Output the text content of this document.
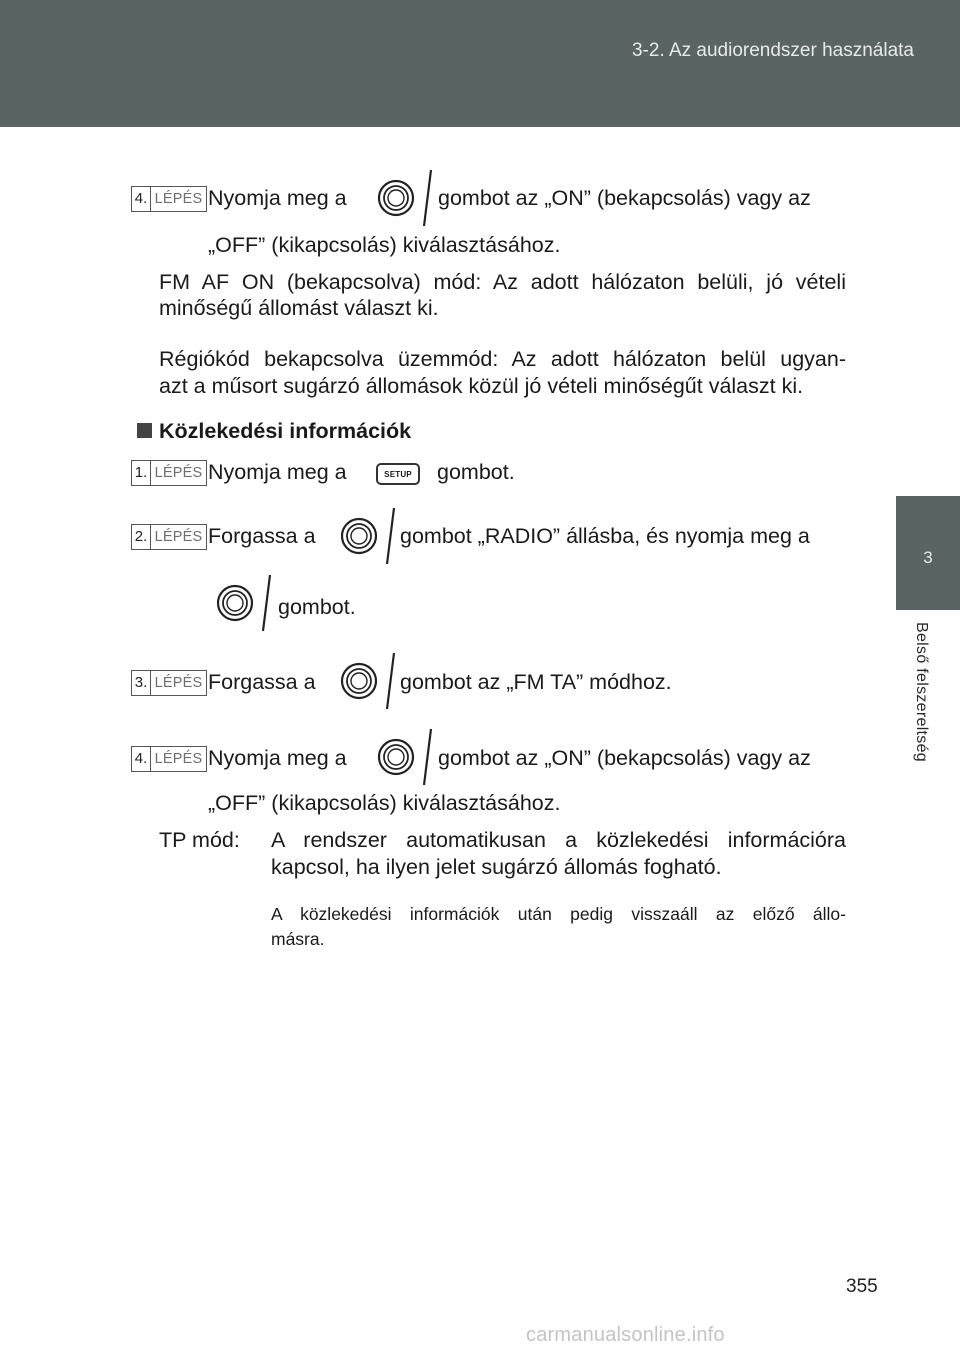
3-2. Az audiorendszer használata
3
Belső felszereltség
4. LÉPÉS Nyomja meg a	gombot az „ON” (bekapcsolás) vagy az
„OFF” (kikapcsolás) kiválasztásához.
FM AF ON (bekapcsolva) mód: Az adott hálózaton belüli, jó vételi
minőségű állomást választ ki.
Régiókód bekapcsolva üzemmód: Az adott hálózaton belül ugyan-
azt a műsort sugárzó állomások közül jó vételi minőségűt választ ki.
Közlekedési információk
1. LÉPÉS Nyomja meg a	SETUP gombot.
2. LÉPÉS Forgassa a	gombot „RADIO” állásba, és nyomja meg a
gombot.
3. LÉPÉS Forgassa a	gombot az „FM TA” módhoz.
4. LÉPÉS Nyomja meg a	gombot az „ON” (bekapcsolás) vagy az
„OFF” (kikapcsolás) kiválasztásához.
TP mód: A rendszer automatikusan a közlekedési információra
kapcsol, ha ilyen jelet sugárzó állomás fogható.
A közlekedési információk után pedig visszaáll az előző állo-
másra.
355
carmanualsonline.info
